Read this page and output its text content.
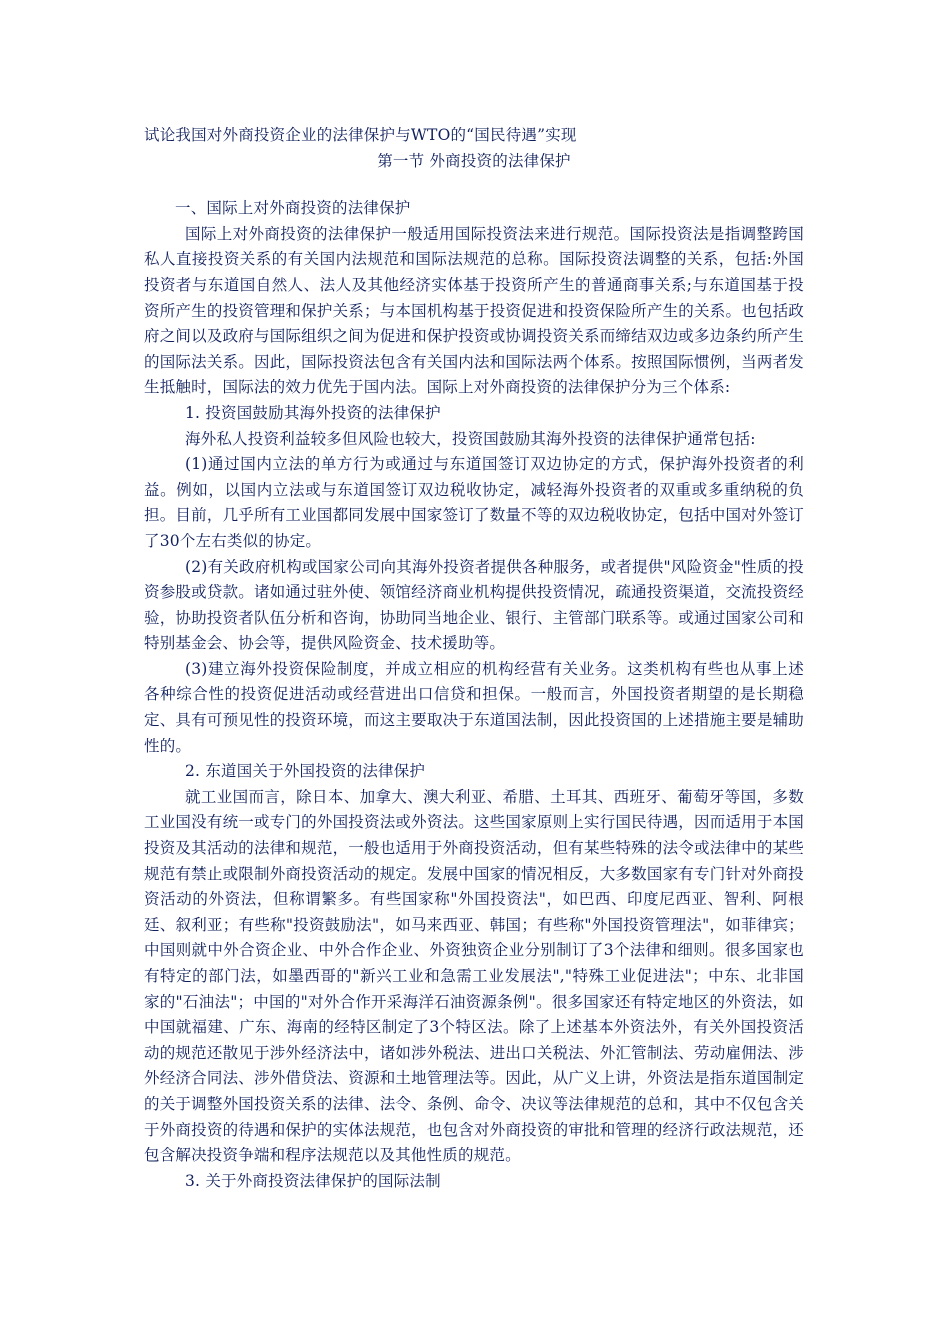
试论我国对外商投资企业的法律保护与WTO的“国民待遇”实现
第一节 外商投资的法律保护

一、国际上对外商投资的法律保护

国际上对外商投资的法律保护一般适用国际投资法来进行规范。国际投资法是指调整跨国私人直接投资关系的有关国内法规范和国际法规范的总称。国际投资法调整的关系，包括:外国投资者与东道国自然人、法人及其他经济实体基于投资所产生的普通商事关系;与东道国基于投资所产生的投资管理和保护关系；与本国机构基于投资促进和投资保险所产生的关系。也包括政府之间以及政府与国际组织之间为促进和保护投资或协调投资关系而缔结双边或多边条约所产生的国际法关系。因此，国际投资法包含有关国内法和国际法两个体系。按照国际惯例，当两者发生抵触时，国际法的效力优先于国内法。国际上对外商投资的法律保护分为三个体系:

1. 投资国鼓励其海外投资的法律保护

海外私人投资利益较多但风险也较大，投资国鼓励其海外投资的法律保护通常包括:

(1)通过国内立法的单方行为或通过与东道国签订双边协定的方式，保护海外投资者的利益。例如，以国内立法或与东道国签订双边税收协定，减轻海外投资者的双重或多重纳税的负担。目前，几乎所有工业国都同发展中国家签订了数量不等的双边税收协定，包括中国对外签订了30个左右类似的协定。

(2)有关政府机构或国家公司向其海外投资者提供各种服务，或者提供"风险资金"性质的投资参股或贷款。诸如通过驻外使、领馆经济商业机构提供投资情况，疏通投资渠道，交流投资经验，协助投资者队伍分析和咨询，协助同当地企业、银行、主管部门联系等。或通过国家公司和特别基金会、协会等，提供风险资金、技术援助等。

(3)建立海外投资保险制度，并成立相应的机构经营有关业务。这类机构有些也从事上述各种综合性的投资促进活动或经营进出口信贷和担保。一般而言，外国投资者期望的是长期稳定、具有可预见性的投资环境，而这主要取决于东道国法制，因此投资国的上述措施主要是辅助性的。

2. 东道国关于外国投资的法律保护

就工业国而言，除日本、加拿大、澳大利亚、希腊、土耳其、西班牙、葡萄牙等国，多数工业国没有统一或专门的外国投资法或外资法。这些国家原则上实行国民待遇，因而适用于本国投资及其活动的法律和规范，一般也适用于外商投资活动，但有某些特殊的法令或法律中的某些规范有禁止或限制外商投资活动的规定。发展中国家的情况相反，大多数国家有专门针对外商投资活动的外资法，但称谓繁多。有些国家称"外国投资法"，如巴西、印度尼西亚、智利、阿根廷、叙利亚；有些称"投资鼓励法"，如马来西亚、韩国；有些称"外国投资管理法"，如菲律宾；中国则就中外合资企业、中外合作企业、外资独资企业分别制订了3个法律和细则。很多国家也有特定的部门法，如墨西哥的"新兴工业和急需工业发展法","特殊工业促进法"；中东、北非国家的"石油法"；中国的"对外合作开采海洋石油资源条例"。很多国家还有特定地区的外资法，如中国就福建、广东、海南的经特区制定了3个特区法。除了上述基本外资法外，有关外国投资活动的规范还散见于涉外经济法中，诸如涉外税法、进出口关税法、外汇管制法、劳动雇佣法、涉外经济合同法、涉外借贷法、资源和土地管理法等。因此，从广义上讲，外资法是指东道国制定的关于调整外国投资关系的法律、法令、条例、命令、决议等法律规范的总和，其中不仅包含关于外商投资的待遇和保护的实体法规范，也包含对外商投资的审批和管理的经济行政法规范，还包含解决投资争端和程序法规范以及其他性质的规范。

3. 关于外商投资法律保护的国际法制
